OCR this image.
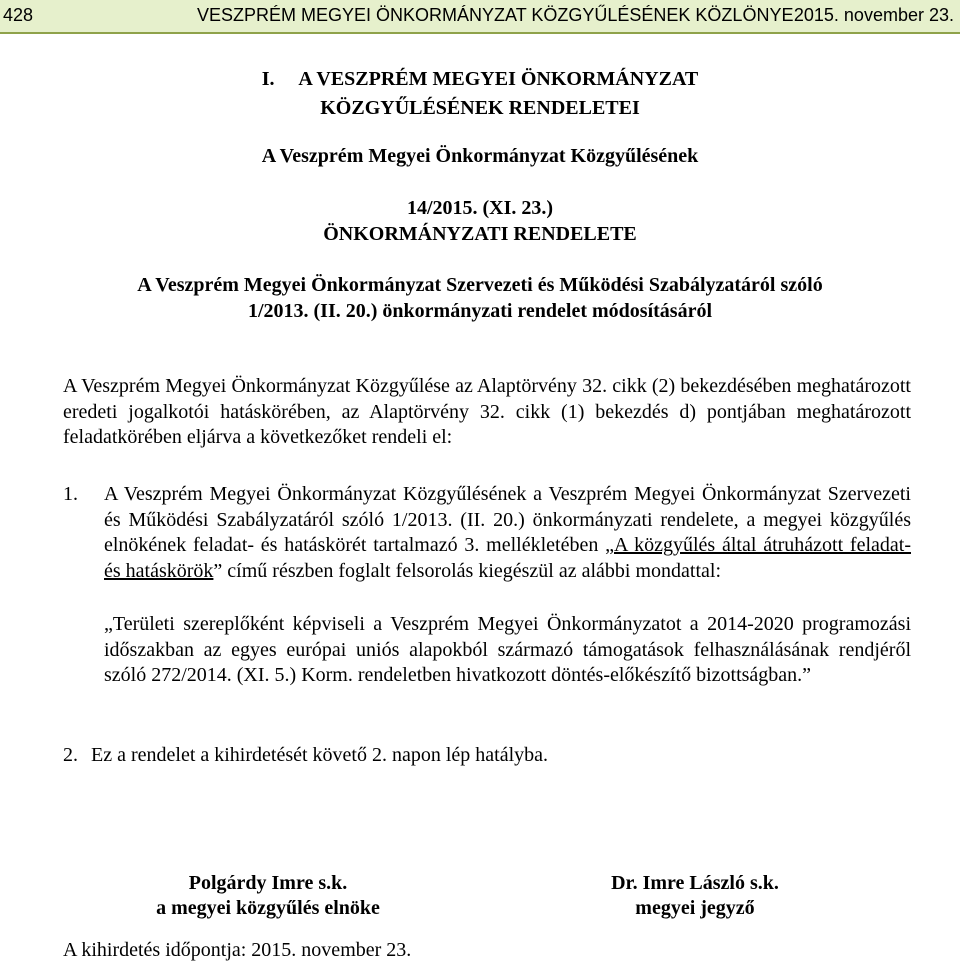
428	VESZPRÉM MEGYEI ÖNKORMÁNYZAT KÖZGYŰLÉSÉNEK KÖZLÖNYE 2015. november 23.
I.     A VESZPRÉM MEGYEI ÖNKORMÁNYZAT
KÖZGYŰLÉSÉNEK RENDELETEI
A Veszprém Megyei Önkormányzat Közgyűlésének
14/2015. (XI. 23.)
ÖNKORMÁNYZATI RENDELETE
A Veszprém Megyei Önkormányzat Szervezeti és Működési Szabályzatáról szóló
1/2013. (II. 20.) önkormányzati rendelet módosításáról
A Veszprém Megyei Önkormányzat Közgyűlése az Alaptörvény 32. cikk (2) bekezdésében meghatározott eredeti jogalkotói hatáskörében, az Alaptörvény 32. cikk (1) bekezdés d) pontjában meghatározott feladatkörében eljárva a következőket rendeli el:
1. A Veszprém Megyei Önkormányzat Közgyűlésének a Veszprém Megyei Önkormányzat Szervezeti és Működési Szabályzatáról szóló 1/2013. (II. 20.) önkormányzati rendelete, a megyei közgyűlés elnökének feladat- és hatáskörét tartalmazó 3. mellékletében „A közgyűlés által átruházott feladat- és hatáskörök” című részben foglalt felsorolás kiegészül az alábbi mondattal:
„Területi szereplőként képviseli a Veszprém Megyei Önkormányzatot a 2014-2020 programozási időszakban az egyes európai uniós alapokból származó támogatások felhasználásának rendjéről szóló 272/2014. (XI. 5.) Korm. rendeletben hivatkozott döntés-előkészítő bizottságban.”
2. Ez a rendelet a kihirdetését követő 2. napon lép hatályba.
Polgárdy Imre s.k.
a megyei közgyűlés elnöke
Dr. Imre László s.k.
megyei jegyző
A kihirdetés időpontja: 2015. november 23.
